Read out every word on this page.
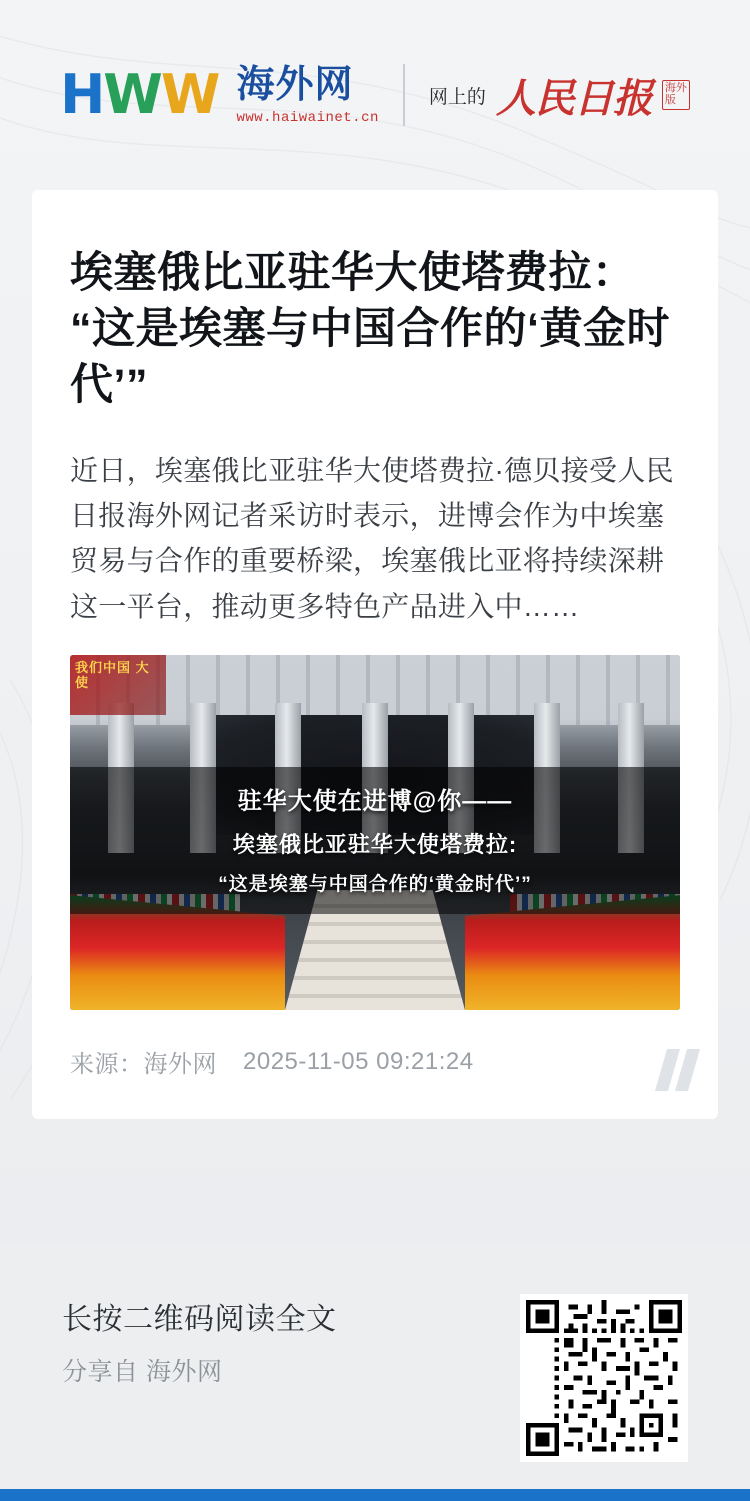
H W W 海外网
www.haiwainet.cn
网上的 人民日报 海外
版
埃塞俄比亚驻华大使塔费拉：“这是埃塞与中国合作的‘黄金时代’”

近日，埃塞俄比亚驻华大使塔费拉·德贝接受人民日报海外网记者采访时表示，进博会作为中埃塞贸易与合作的重要桥梁，埃塞俄比亚将持续深耕这一平台，推动更多特色产品进入中……

我们中国 大使
驻华大使在进博@你——
埃塞俄比亚驻华大使塔费拉:
“这是埃塞与中国合作的‘黄金时代’”
来源：海外网 2025-11-05 09:21:24
长按二维码阅读全文
分享自 海外网
